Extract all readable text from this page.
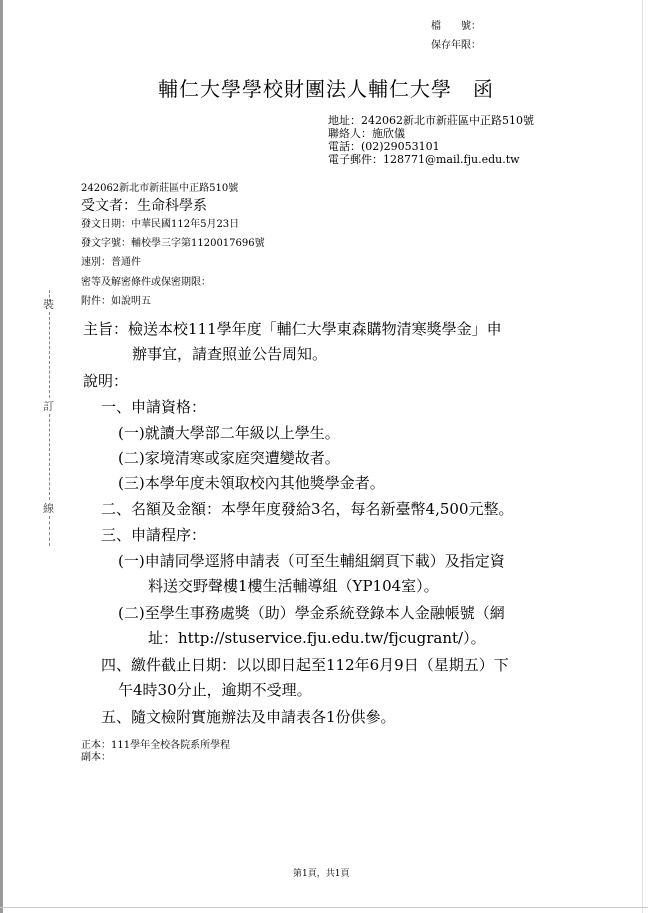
檔　　號：
保存年限：
輔仁大學學校財團法人輔仁大學　函
地址：242062新北市新莊區中正路510號
聯絡人：施欣儀
電話：(02)29053101
電子郵件：128771@mail.fju.edu.tw
242062新北市新莊區中正路510號
受文者：生命科學系
發文日期：中華民國112年5月23日
發文字號：輔校學三字第1120017696號
速別：普通件
密等及解密條件或保密期限：
附件：如說明五
裝
訂
線
主旨：檢送本校111學年度「輔仁大學東森購物清寒獎學金」申
辦事宜，請查照並公告周知。
說明：
一、申請資格：
(一)就讀大學部二年級以上學生。
(二)家境清寒或家庭突遭變故者。
(三)本學年度未領取校內其他獎學金者。
二、名額及金額：本學年度發給3名，每名新臺幣4,500元整。
三、申請程序：
(一)申請同學逕將申請表（可至生輔組網頁下載）及指定資
料送交野聲樓1樓生活輔導組（YP104室）。
(二)至學生事務處獎（助）學金系統登錄本人金融帳號（網
址：http://stuservice.fju.edu.tw/fjcugrant/）。
四、繳件截止日期：以以即日起至112年6月9日（星期五）下
午4時30分止，逾期不受理。
五、隨文檢附實施辦法及申請表各1份供參。
正本：111學年全校各院系所學程
副本：
第1頁，共1頁
